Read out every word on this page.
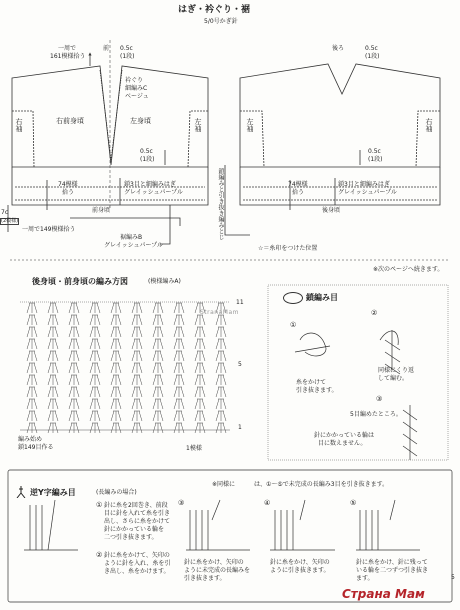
はぎ・衿ぐり・裾
5/0号かぎ針
前
一周で
161模様拾う
0.5c
(1段)
衿ぐり
細編みC
ベージュ
右前身頃	左身頃
右袖	左袖
0.5c
(1段)
74模様
拾う
鎖3目と細編みはぎ
グレイッシュパープル
前身頃
一周で149模様拾う
裾編みB
グレイッシュパープル
7c
(2模様)	鎖編みと引き抜き編みとじ
後ろ	0.5c
(1段)
左袖	右袖
0.5c
(1段)
74模様
拾う
鎖3目と細編みはぎ
グレイッシュパープル
後身頃
☆＝糸印をつけた位置
※次のページへ続きます。
後身頃・前身頃の編み方図	(模様編みA)
11
5
1
編み始め
鎖149目作る	1模様
StranaMam
鎖編み目
①
②
③
同様にくり返
して編む。
糸をかけて
引き抜きます。
5目編めたところ。
針にかかっている輪は
目に数えません。
逆Y字編み目	(長編みの場合)
※同様に	は、①〜⑤で未完成の長編み3目を引き抜きます。
① 針に糸を2回巻き、前段
目に針を入れて糸を引き
出し、さらに糸をかけて
針にかかっている輪を
二つ引き抜きます。
② 針に糸をかけて、矢印の
ように針を入れ、糸を引
き出し、糸をかけます。
③
針に糸をかけ、矢印の
ように未完成の長編みを
引き抜きます。
④
針に糸をかけ、矢印の
ように引き抜きます。
⑤
針に糸をかけ、針に残って
いる輪を二つずつ引き抜き
ます。
Страна Мам
5
